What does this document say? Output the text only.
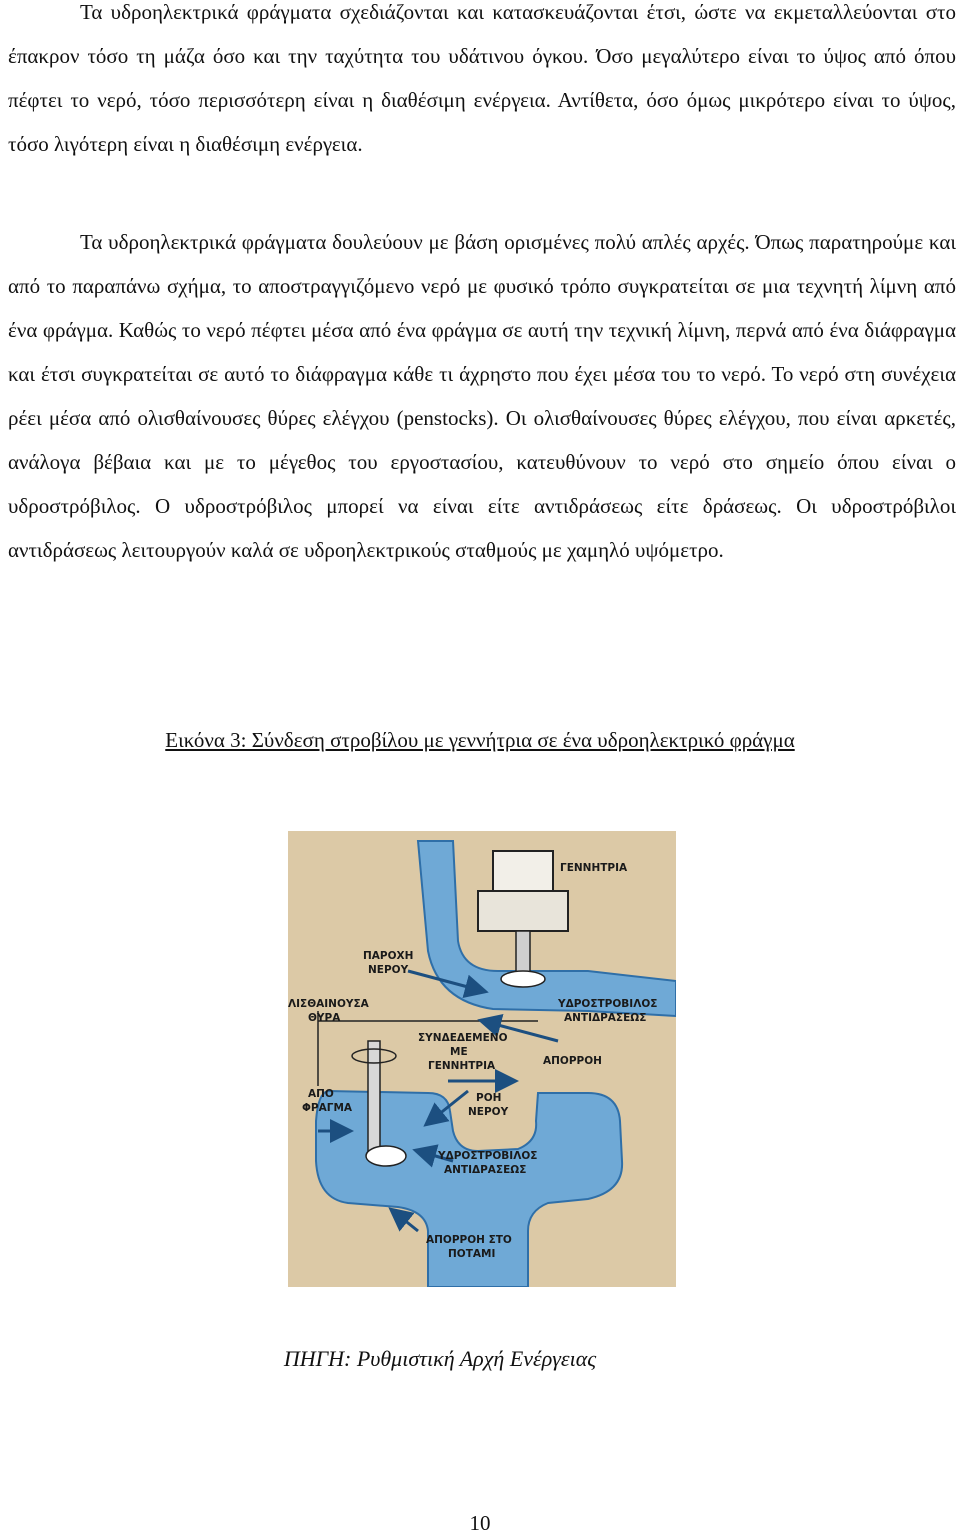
Τα υδροηλεκτρικά φράγματα σχεδιάζονται και κατασκευάζονται έτσι, ώστε να εκμεταλλεύονται στο έπακρον τόσο τη μάζα όσο και την ταχύτητα του υδάτινου όγκου. Όσο μεγαλύτερο είναι το ύψος από όπου πέφτει το νερό, τόσο περισσότερη είναι η διαθέσιμη ενέργεια. Αντίθετα, όσο όμως μικρότερο είναι το ύψος, τόσο λιγότερη είναι η διαθέσιμη ενέργεια.

Τα υδροηλεκτρικά φράγματα δουλεύουν με βάση ορισμένες πολύ απλές αρχές. Όπως παρατηρούμε και από το παραπάνω σχήμα, το αποστραγγιζόμενο νερό με φυσικό τρόπο συγκρατείται σε μια τεχνητή λίμνη από ένα φράγμα. Καθώς το νερό πέφτει μέσα από ένα φράγμα σε αυτή την τεχνική λίμνη, περνά από ένα διάφραγμα και έτσι συγκρατείται σε αυτό το διάφραγμα κάθε τι άχρηστο που έχει μέσα του το νερό. Το νερό στη συνέχεια ρέει μέσα από ολισθαίνουσες θύρες ελέγχου (penstocks). Οι ολισθαίνουσες θύρες ελέγχου, που είναι αρκετές, ανάλογα βέβαια και με το μέγεθος του εργοστασίου, κατευθύνουν το νερό στο σημείο όπου είναι ο υδροστρόβιλος. Ο υδροστρόβιλος μπορεί να είναι είτε αντιδράσεως είτε δράσεως. Οι υδροστρόβιλοι αντιδράσεως λειτουργούν καλά σε υδροηλεκτρικούς σταθμούς με χαμηλό υψόμετρο.

Εικόνα 3: Σύνδεση στροβίλου με γεννήτρια σε ένα υδροηλεκτρικό φράγμα

ΓΕΝΝΗΤΡΙΑ
ΠΑΡΟΧΗ
ΝΕΡΟΥ
ΥΔΡΟΣΤΡΟΒΙΛΟΣ
ΑΝΤΙΔΡΑΣΕΩΣ
ΛΙΣΘΑΙΝΟΥΣΑ
ΘΥΡΑ
ΣΥΝΔΕΔΕΜΕΝΟ
ΜΕ
ΓΕΝΝΗΤΡΙΑ	ΑΠΟΡΡΟΗ
ΑΠΟ
ΦΡΑΓΜΑ
ΡΟΗ
ΝΕΡΟΥ
ΥΔΡΟΣΤΡΟΒΙΛΟΣ
ΑΝΤΙΔΡΑΣΕΩΣ
ΑΠΟΡΡΟΗ ΣΤΟ
ΠΟΤΑΜΙ

ΠΗΓΗ: Ρυθμιστική Αρχή Ενέργειας

10
